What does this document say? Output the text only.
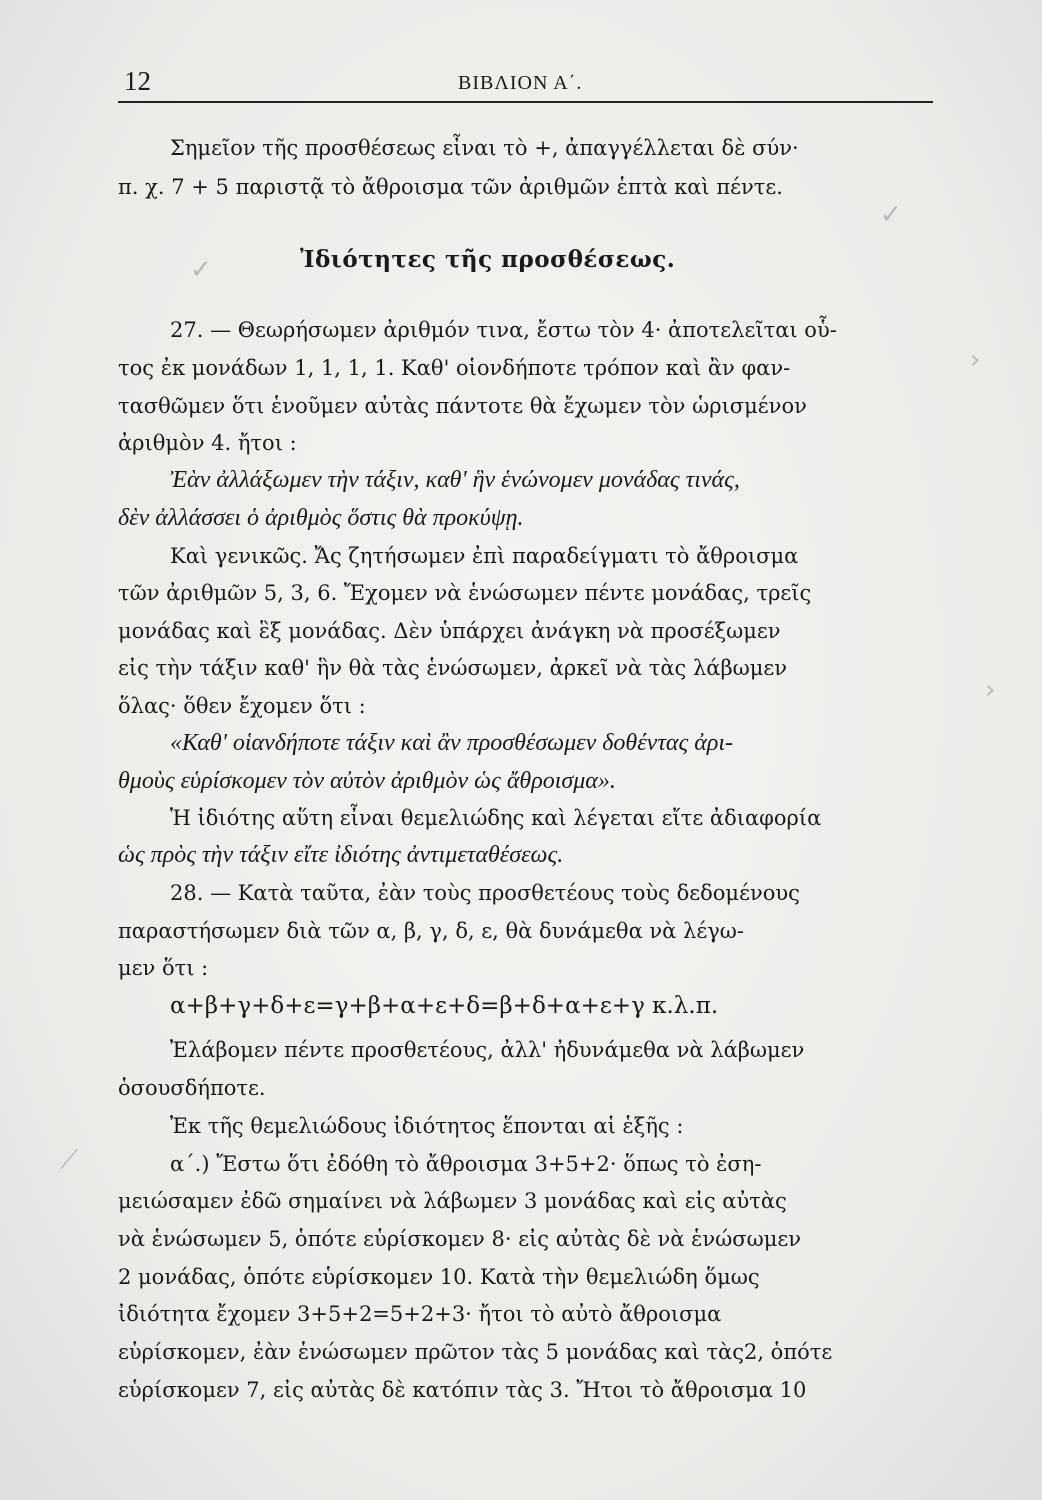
12	ΒΙΒΛΙΟΝ Α΄.
Σημεῖον τῆς προσθέσεως εἶναι τὸ +, ἀπαγγέλλεται δὲ σύν·
π. χ. 7 + 5 παριστᾷ τὸ ἄθροισμα τῶν ἀριθμῶν ἑπτὰ καὶ πέντε.
Ἰδιότητες τῆς προσθέσεως.
27. — Θεωρήσωμεν ἀριθμόν τινα, ἔστω τὸν 4· ἀποτελεῖται οὗ-
τος ἐκ μονάδων 1, 1, 1, 1. Καθ' οἱονδήποτε τρόπον καὶ ἂν φαν-
τασθῶμεν ὅτι ἑνοῦμεν αὐτὰς πάντοτε θὰ ἔχωμεν τὸν ὡρισμένον
ἀριθμὸν 4. ἤτοι :
Ἐὰν ἀλλάξωμεν τὴν τάξιν, καθ' ἣν ἑνώνομεν μονάδας τινάς,
δὲν ἀλλάσσει ὁ ἀριθμὸς ὅστις θὰ προκύψῃ.
Καὶ γενικῶς. Ἄς ζητήσωμεν ἐπὶ παραδείγματι τὸ ἄθροισμα
τῶν ἀριθμῶν 5, 3, 6. Ἔχομεν νὰ ἑνώσωμεν πέντε μονάδας, τρεῖς
μονάδας καὶ ἓξ μονάδας. Δὲν ὑπάρχει ἀνάγκη νὰ προσέξωμεν
εἰς τὴν τάξιν καθ' ἣν θὰ τὰς ἑνώσωμεν, ἀρκεῖ νὰ τὰς λάβωμεν
ὅλας· ὅθεν ἔχομεν ὅτι :
«Καθ' οἱανδήποτε τάξιν καὶ ἂν προσθέσωμεν δοθέντας ἀρι-
θμοὺς εὑρίσκομεν τὸν αὐτὸν ἀριθμὸν ὡς ἄθροισμα».
Ἡ ἰδιότης αὕτη εἶναι θεμελιώδης καὶ λέγεται εἴτε ἀδιαφορία
ὡς πρὸς τὴν τάξιν εἴτε ἰδιότης ἀντιμεταθέσεως.
28. — Κατὰ ταῦτα, ἐὰν τοὺς προσθετέους τοὺς δεδομένους
παραστήσωμεν διὰ τῶν α, β, γ, δ, ε, θὰ δυνάμεθα νὰ λέγω-
μεν ὅτι :
α+β+γ+δ+ε=γ+β+α+ε+δ=β+δ+α+ε+γ κ.λ.π.
Ἐλάβομεν πέντε προσθετέους, ἀλλ' ἠδυνάμεθα νὰ λάβωμεν
ὁσουσδήποτε.
Ἐκ τῆς θεμελιώδους ἰδιότητος ἕπονται αἱ ἑξῆς :
α΄.) Ἔστω ὅτι ἐδόθη τὸ ἄθροισμα 3+5+2· ὅπως τὸ ἐση-
μειώσαμεν ἐδῶ σημαίνει νὰ λάβωμεν 3 μονάδας καὶ εἰς αὐτὰς
νὰ ἑνώσωμεν 5, ὁπότε εὑρίσκομεν 8· εἰς αὐτὰς δὲ νὰ ἑνώσωμεν
2 μονάδας, ὁπότε εὑρίσκομεν 10. Κατὰ τὴν θεμελιώδη ὅμως
ἰδιότητα ἔχομεν 3+5+2=5+2+3· ἤτοι τὸ αὐτὸ ἄθροισμα
εὑρίσκομεν, ἐὰν ἑνώσωμεν πρῶτον τὰς 5 μονάδας καὶ τὰς2, ὁπότε
εὑρίσκομεν 7, εἰς αὐτὰς δὲ κατόπιν τὰς 3. Ἤτοι τὸ ἄθροισμα 10
✓
✓
›
›
⟋
